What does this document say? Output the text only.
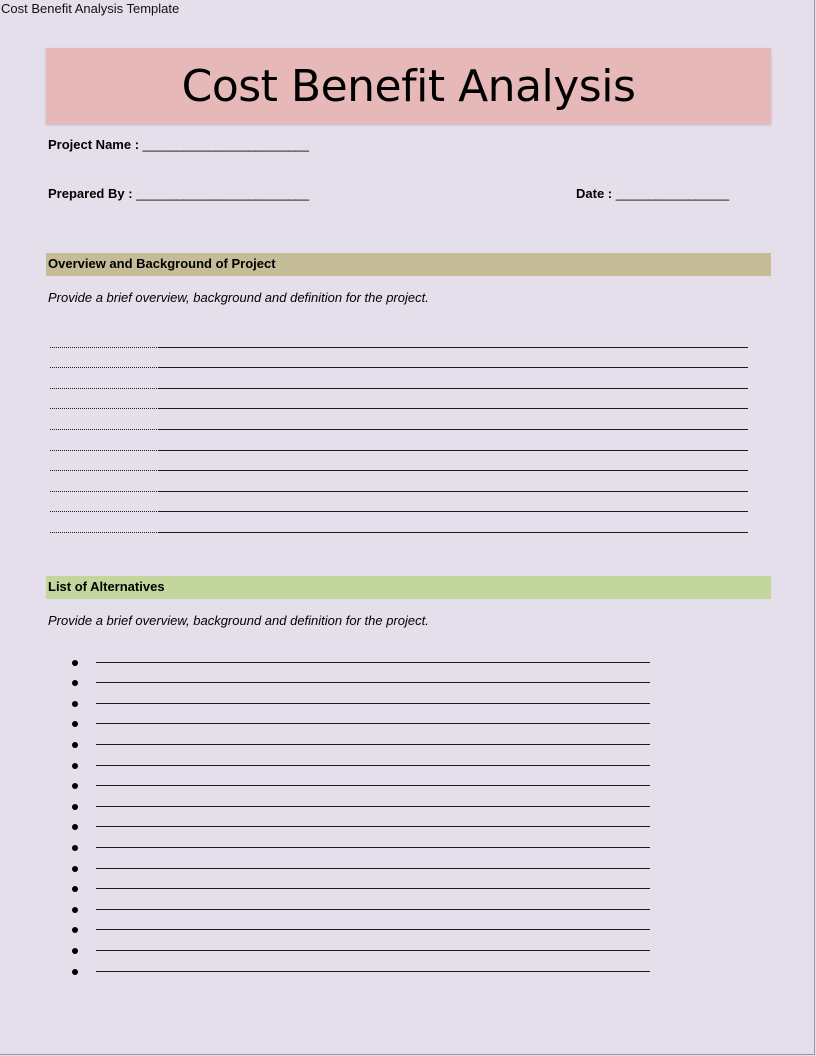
Cost Benefit Analysis Template
Cost Benefit Analysis
Project Name : _________________________
Prepared By : __________________________	Date : _________________
Overview and Background of Project
Provide a brief overview, background and definition for the project.
List of Alternatives
Provide a brief overview, background and definition for the project.
